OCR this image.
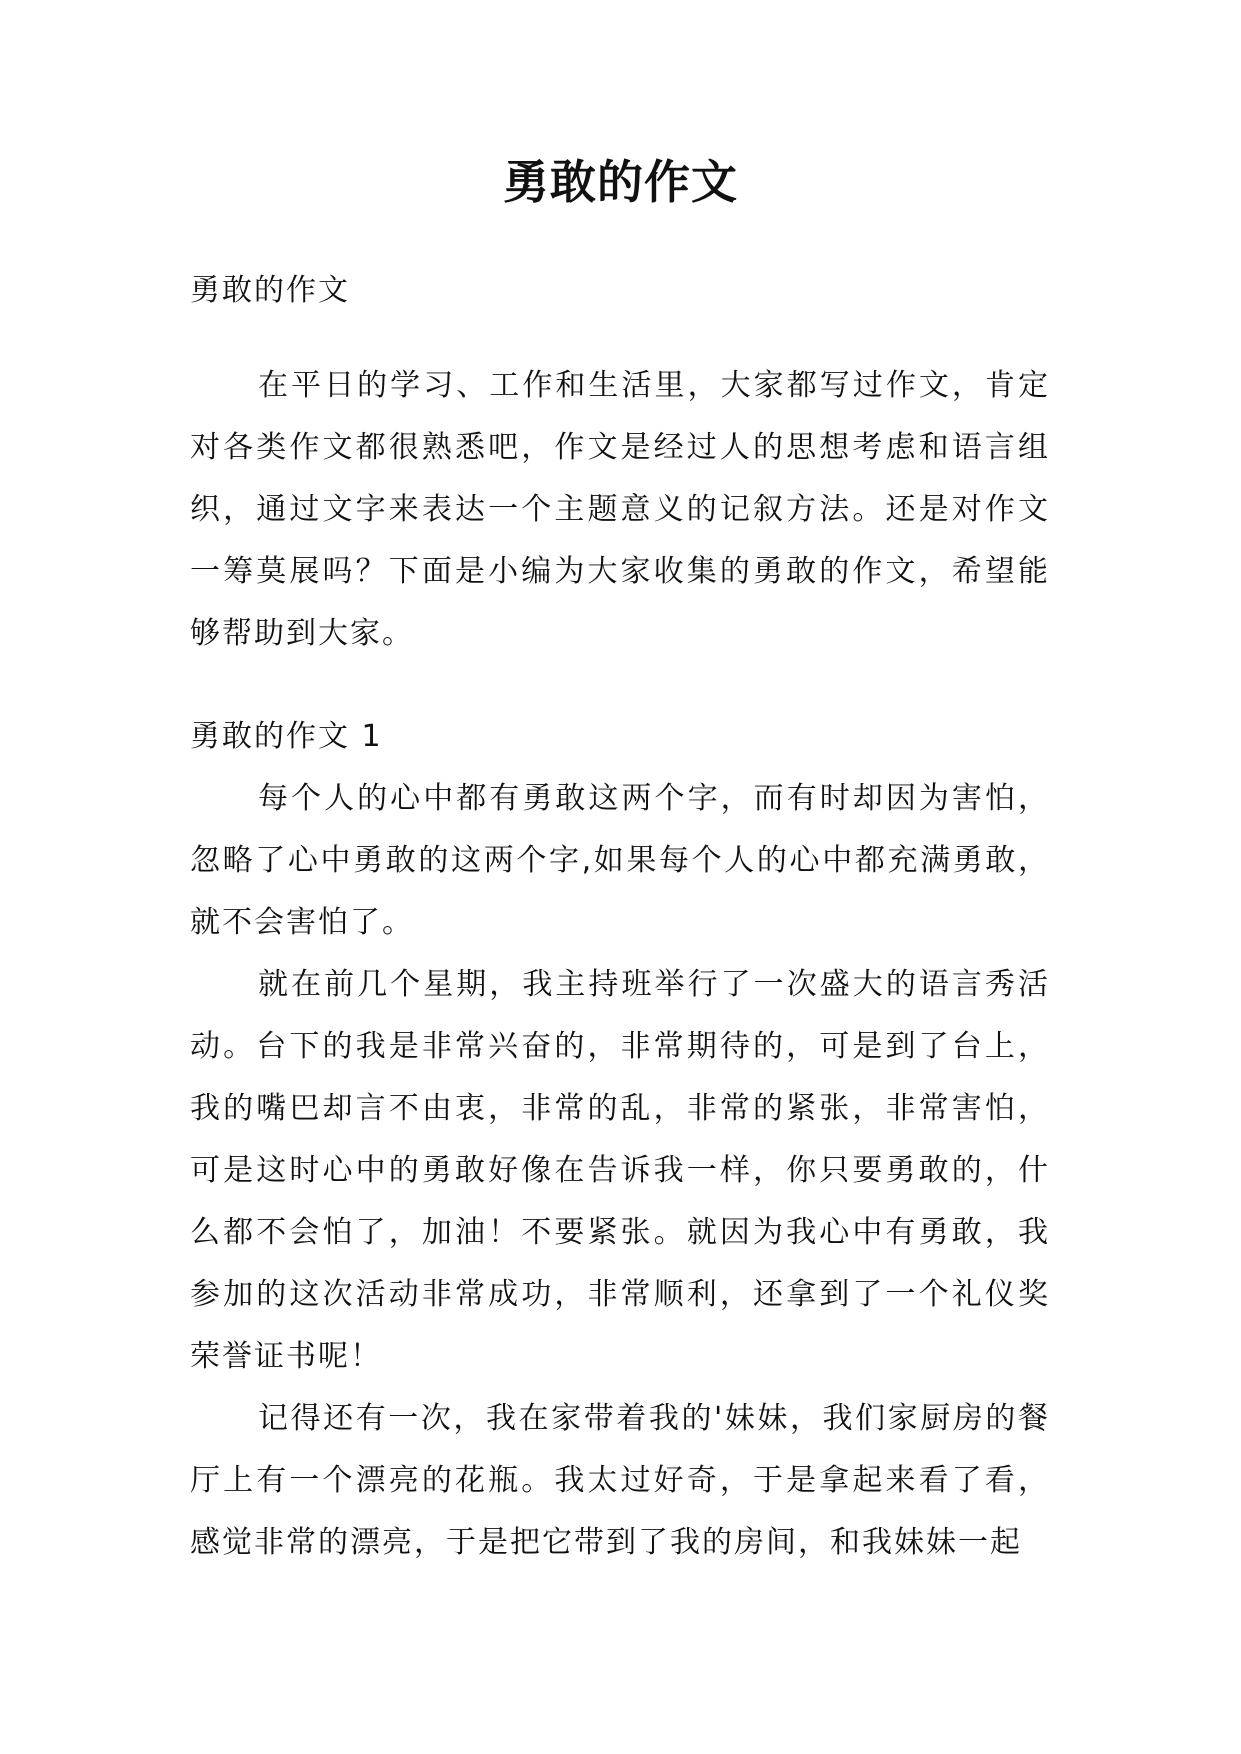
勇敢的作文
勇敢的作文

在平日的学习、工作和生活里，大家都写过作文，肯定对各类作文都很熟悉吧，作文是经过人的思想考虑和语言组织，通过文字来表达一个主题意义的记叙方法。还是对作文一筹莫展吗？下面是小编为大家收集的勇敢的作文，希望能够帮助到大家。

勇敢的作文 1

每个人的心中都有勇敢这两个字，而有时却因为害怕，忽略了心中勇敢的这两个字,如果每个人的心中都充满勇敢，就不会害怕了。

就在前几个星期，我主持班举行了一次盛大的语言秀活动。台下的我是非常兴奋的，非常期待的，可是到了台上，我的嘴巴却言不由衷，非常的乱，非常的紧张，非常害怕，可是这时心中的勇敢好像在告诉我一样，你只要勇敢的，什么都不会怕了，加油！不要紧张。就因为我心中有勇敢，我参加的这次活动非常成功，非常顺利，还拿到了一个礼仪奖荣誉证书呢！

记得还有一次，我在家带着我的'妹妹，我们家厨房的餐厅上有一个漂亮的花瓶。我太过好奇，于是拿起来看了看，感觉非常的漂亮，于是把它带到了我的房间，和我妹妹一起
